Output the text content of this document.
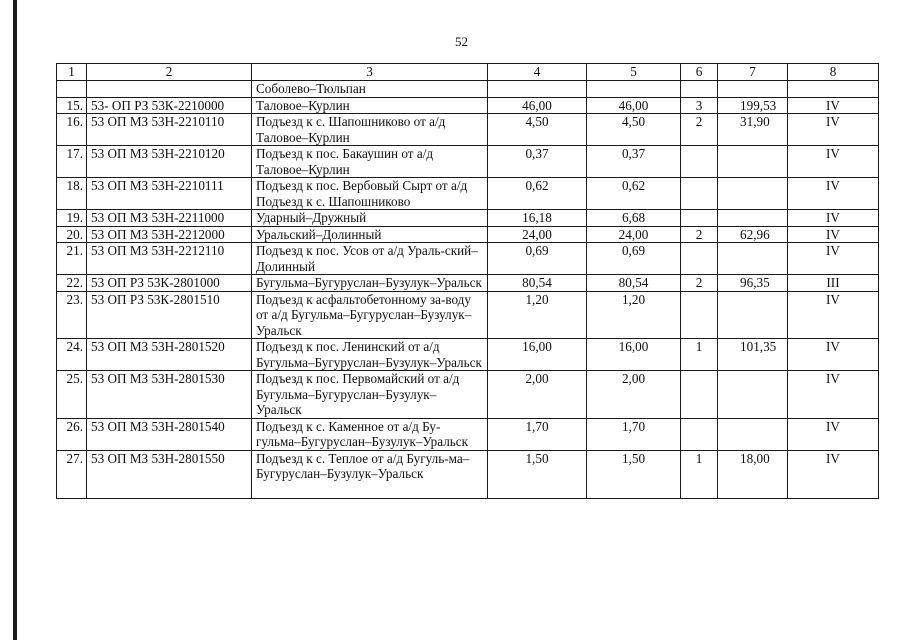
52
1	2	3	4	5	6	7	8
		Соболево–Тюльпан					
15.	53- ОП РЗ 53К-2210000	Таловое–Курлин	46,00	46,00	3	199,53	IV
16.	53 ОП МЗ 53Н-2210110	Подъезд к с. Шапошниково от а/д Таловое–Курлин	4,50	4,50	2	31,90	IV
17.	53 ОП МЗ 53Н-2210120	Подъезд к пос. Бакаушин от а/д Таловое–Курлин	0,37	0,37			IV
18.	53 ОП МЗ 53Н-2210111	Подъезд к пос. Вербовый Сырт от а/д Подъезд к с. Шапошниково	0,62	0,62			IV
19.	53 ОП МЗ 53Н-2211000	Ударный–Дружный	16,18	6,68			IV
20.	53 ОП МЗ 53Н-2212000	Уральский–Долинный	24,00	24,00	2	62,96	IV
21.	53 ОП МЗ 53Н-2212110	Подъезд к пос. Усов от а/д Ураль-ский–Долинный	0,69	0,69			IV
22.	53 ОП РЗ 53К-2801000	Бугульма–Бугуруслан–Бузулук–Уральск	80,54	80,54	2	96,35	III
23.	53 ОП РЗ 53К-2801510	Подъезд к асфальтобетонному за-воду от а/д Бугульма–Бугуруслан–Бузулук–Уральск	1,20	1,20			IV
24.	53 ОП МЗ 53Н-2801520	Подъезд к пос. Ленинский от а/д Бугульма–Бугуруслан–Бузулук–Уральск	16,00	16,00	1	101,35	IV
25.	53 ОП МЗ 53Н-2801530	Подъезд к пос. Первомайский от а/д Бугульма–Бугуруслан–Бузулук– Уральск	2,00	2,00			IV
26.	53 ОП МЗ 53Н-2801540	Подъезд к с. Каменное от а/д Бу-гульма–Бугуруслан–Бузулук–Уральск	1,70	1,70			IV
27.	53 ОП МЗ 53Н-2801550	Подъезд к с. Теплое от а/д Бугуль-ма–Бугуруслан–Бузулук–Уральск	1,50	1,50	1	18,00	IV
